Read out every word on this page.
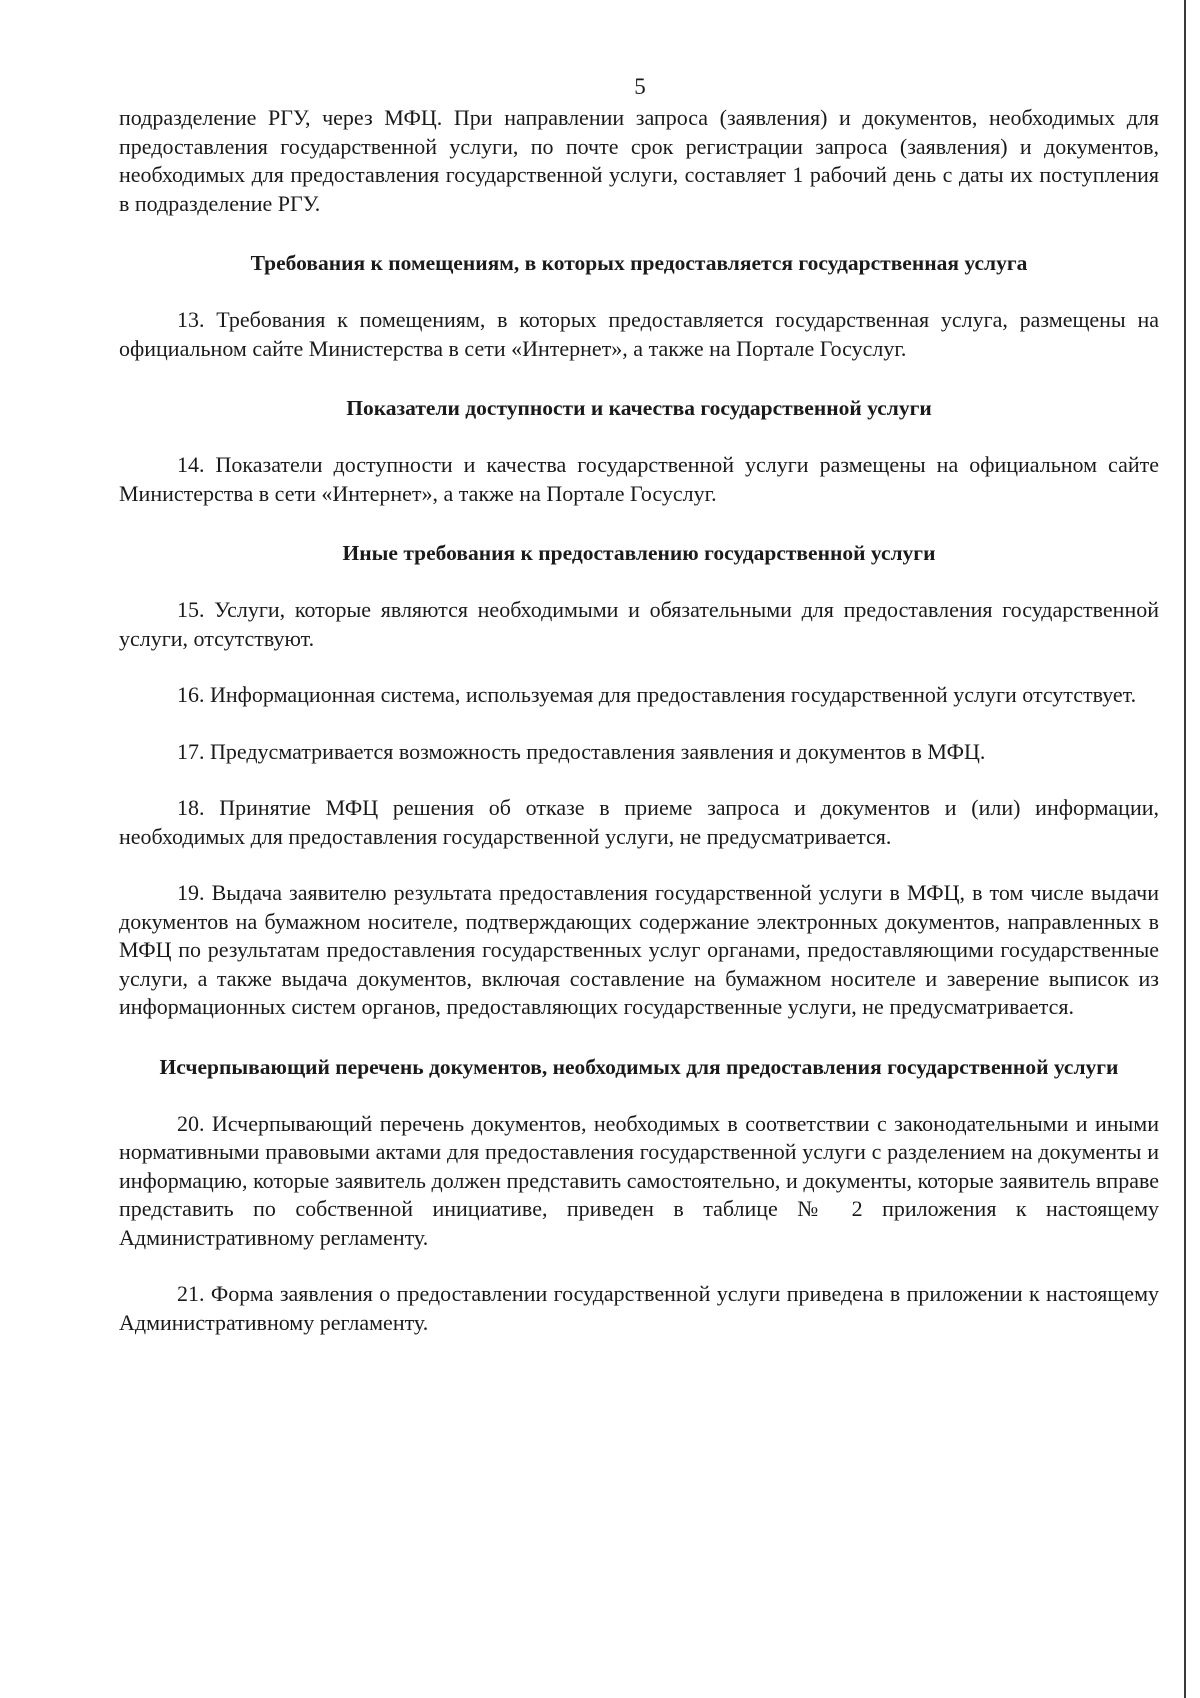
5

подразделение РГУ, через МФЦ. При направлении запроса (заявления) и документов, необходимых для предоставления государственной услуги, по почте срок регистрации запроса (заявления) и документов, необходимых для предоставления государственной услуги, составляет 1 рабочий день с даты их поступления в подразделение РГУ.

Требования к помещениям, в которых предоставляется государственная услуга

13. Требования к помещениям, в которых предоставляется государственная услуга, размещены на официальном сайте Министерства в сети «Интернет», а также на Портале Госуслуг.

Показатели доступности и качества государственной услуги

14. Показатели доступности и качества государственной услуги размещены на официальном сайте Министерства в сети «Интернет», а также на Портале Госуслуг.

Иные требования к предоставлению государственной услуги

15. Услуги, которые являются необходимыми и обязательными для предоставления государственной услуги, отсутствуют.

16. Информационная система, используемая для предоставления государственной услуги отсутствует.

17. Предусматривается возможность предоставления заявления и документов в МФЦ.

18. Принятие МФЦ решения об отказе в приеме запроса и документов и (или) информации, необходимых для предоставления государственной услуги, не предусматривается.

19. Выдача заявителю результата предоставления государственной услуги в МФЦ, в том числе выдачи документов на бумажном носителе, подтверждающих содержание электронных документов, направленных в МФЦ по результатам предоставления государственных услуг органами, предоставляющими государственные услуги, а также выдача документов, включая составление на бумажном носителе и заверение выписок из информационных систем органов, предоставляющих государственные услуги, не предусматривается.

Исчерпывающий перечень документов, необходимых для предоставления государственной услуги

20. Исчерпывающий перечень документов, необходимых в соответствии с законодательными и иными нормативными правовыми актами для предоставления государственной услуги с разделением на документы и информацию, которые заявитель должен представить самостоятельно, и документы, которые заявитель вправе представить по собственной инициативе, приведен в таблице № 2 приложения к настоящему Административному регламенту.

21. Форма заявления о предоставлении государственной услуги приведена в приложении к настоящему Административному регламенту.
